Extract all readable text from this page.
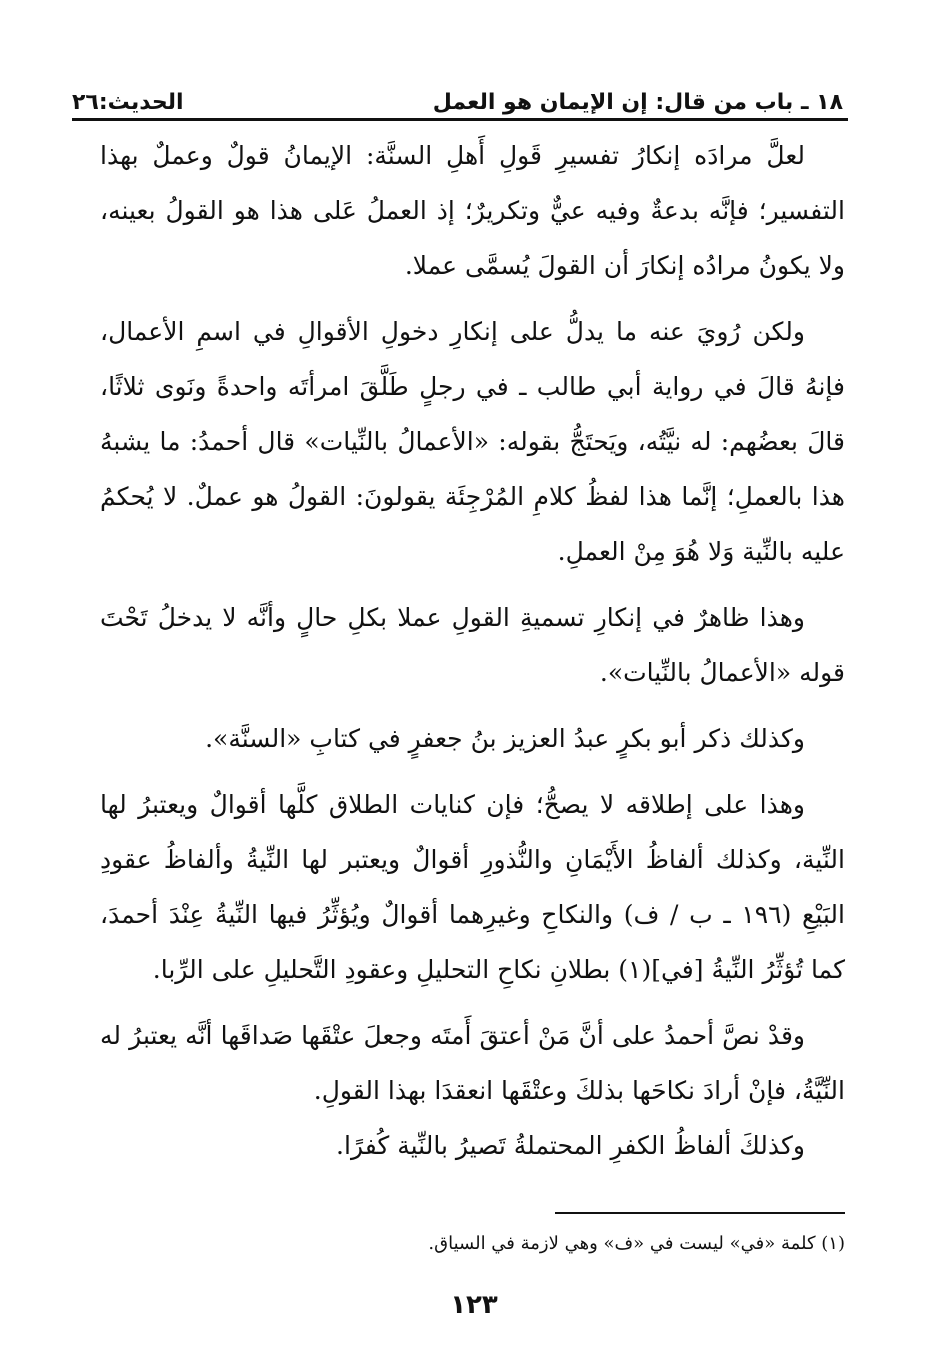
١٨ ـ باب من قال: إن الإيمان هو العمل
الحديث:٢٦

لعلَّ مرادَه إنكارُ تفسيرِ قَولِ أَهلِ السنَّة: الإيمانُ قولٌ وعملٌ بهذا التفسير؛ فإنَّه بدعةٌ وفيه عيٌّ وتكريرٌ؛ إذ العملُ عَلى هذا هو القولُ بعينه، ولا يكونُ مرادُه إنكارَ أن القولَ يُسمَّى عملا.

ولكن رُويَ عنه ما يدلُّ على إنكارِ دخولِ الأقوالِ في اسمِ الأعمال، فإنهُ قالَ في رواية أبي طالب ـ في رجلٍ طَلَّقَ امرأتَه واحدةً ونَوى ثلاثًا، قالَ بعضُهم: له نيَّتُه، ويَحتَجُّ بقوله: «الأعمالُ بالنِّيات» قال أحمدُ: ما يشبهُ هذا بالعملِ؛ إنَّما هذا لفظُ كلامِ المُرْجِئَة يقولونَ: القولُ هو عملٌ. لا يُحكمُ عليه بالنِّية وَلا هُوَ مِنْ العملِ.

وهذا ظاهرٌ في إنكارِ تسميةِ القولِ عملا بكلِ حالٍ وأنَّه لا يدخلُ تَحْتَ قوله «الأعمالُ بالنِّيات».

وكذلك ذكر أبو بكرٍ عبدُ العزيز بنُ جعفرٍ في كتابِ «السنَّة».

وهذا على إطلاقه لا يصحُّ؛ فإن كنايات الطلاق كلَّها أقوالٌ ويعتبرُ لها النِّية، وكذلك ألفاظُ الأَيْمَانِ والنُّذورِ أقوالٌ ويعتبر لها النِّيةُ وألفاظُ عقودِ البَيْعِ (١٩٦ ـ ب / ف) والنكاحِ وغيرِهما أقوالٌ ويُؤثِّرُ فيها النِّيةُ عِنْدَ أحمدَ، كما تُؤثِّرُ النِّيةُ [في](١) بطلانِ نكاحِ التحليلِ وعقودِ التَّحليلِ على الرِّبا.

وقدْ نصَّ أحمدُ على أنَّ مَنْ أعتقَ أَمتَه وجعلَ عتْقَها صَداقَها أنَّه يعتبرُ له النِّيَّةُ، فإنْ أرادَ نكاحَها بذلكَ وعتْقَها انعقدَا بهذا القولِ.

وكذلكَ ألفاظُ الكفرِ المحتملةُ تَصيرُ بالنِّية كُفرًا.

(١) كلمة «في» ليست في «ف» وهي لازمة في السياق.
١٢٣
